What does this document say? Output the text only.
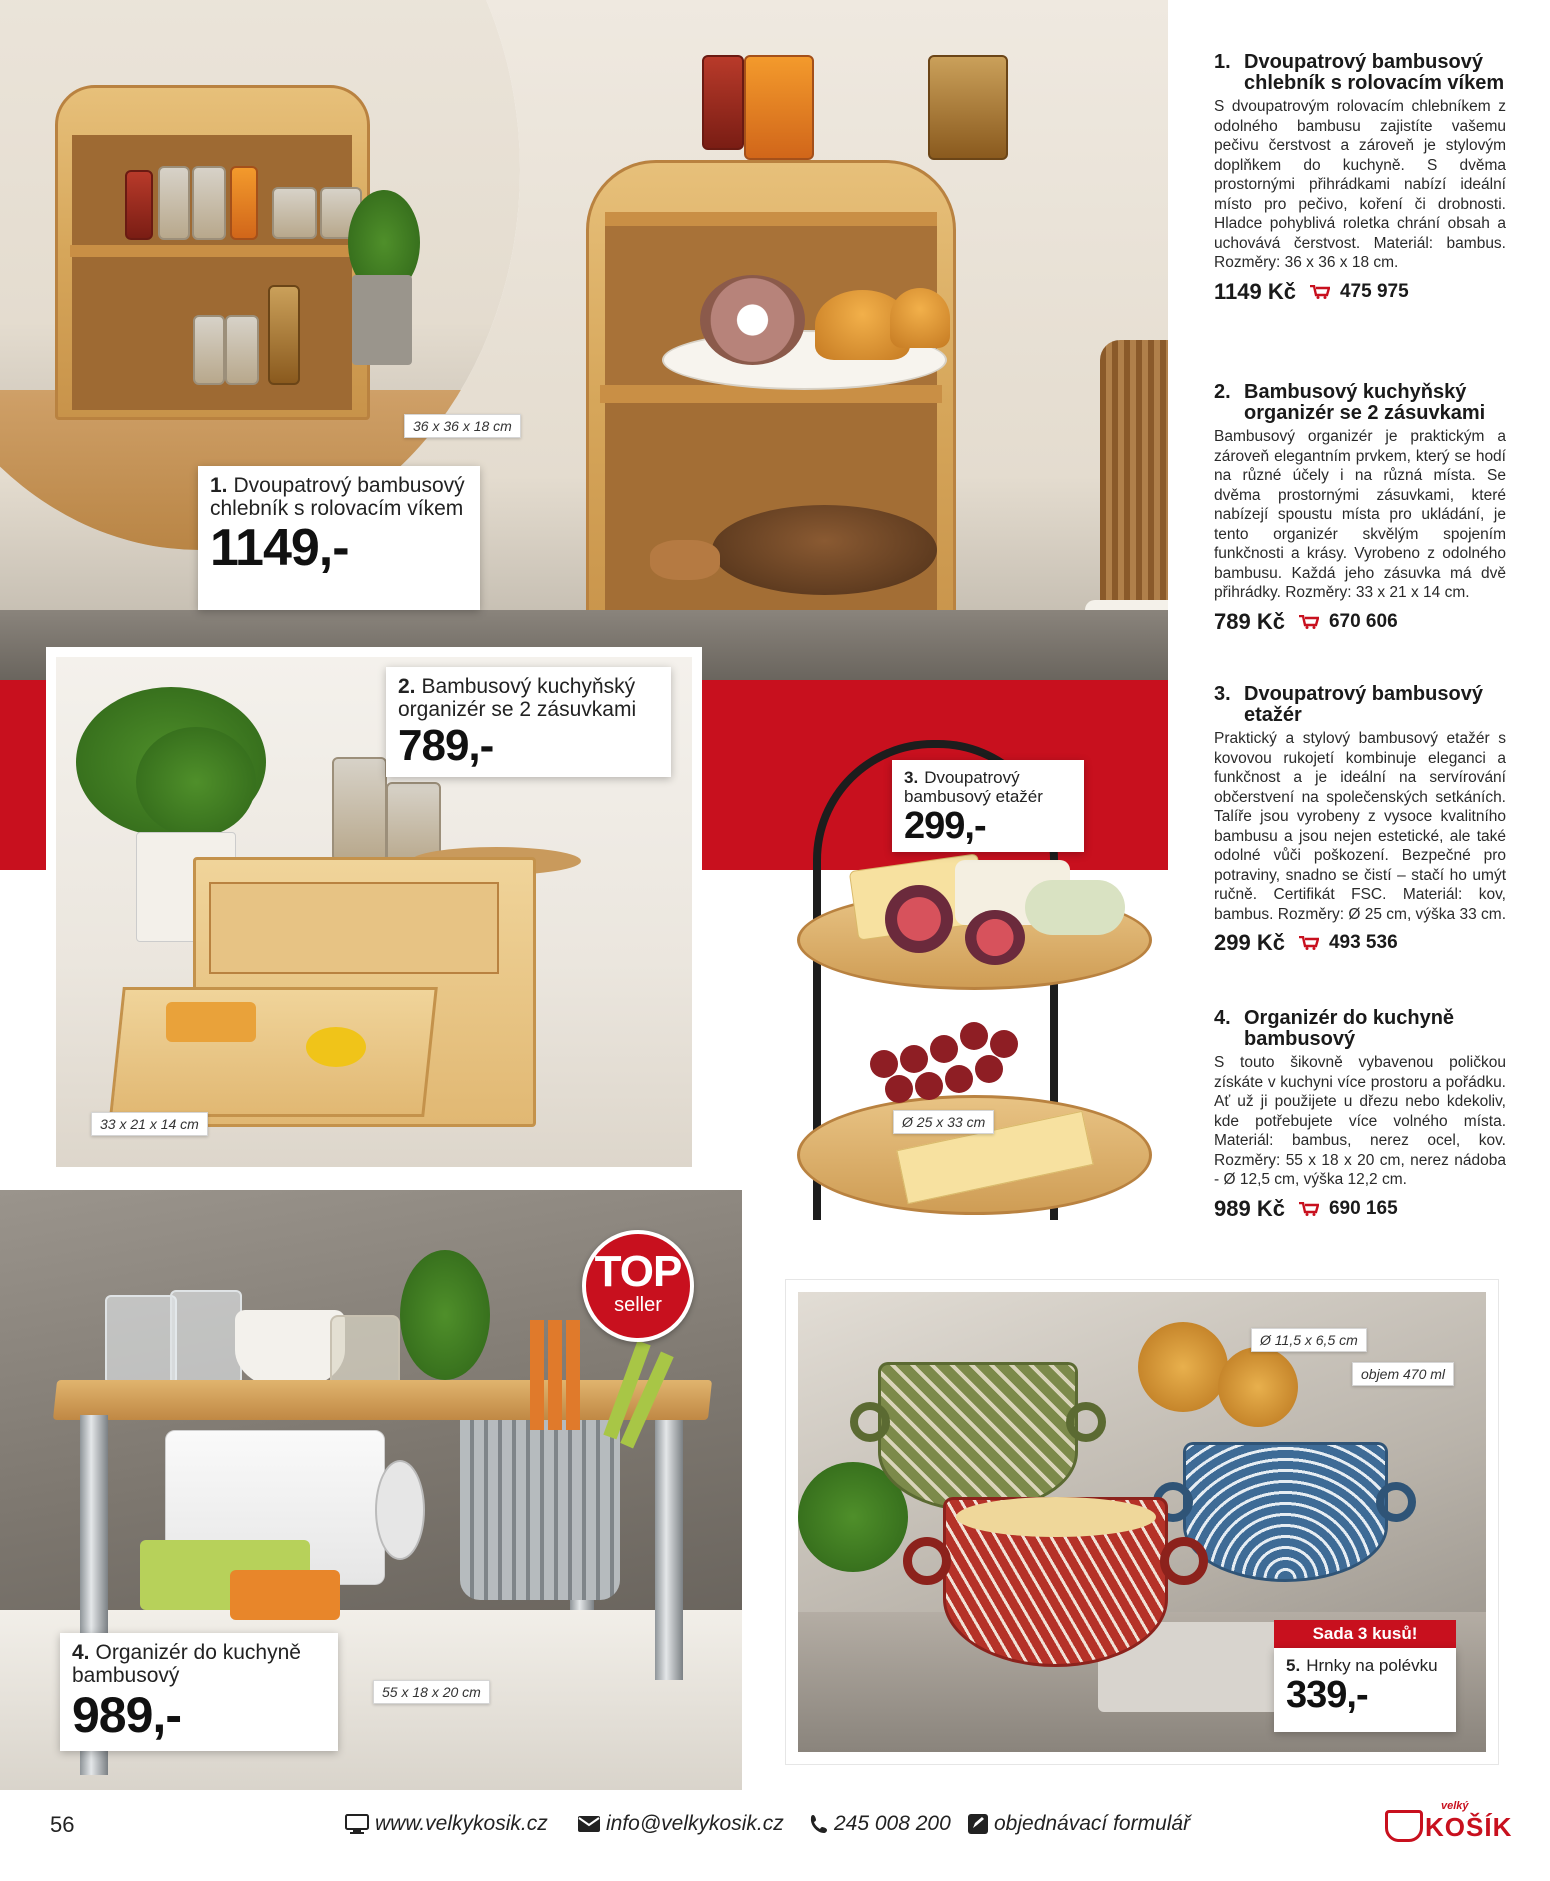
36 x 36 x 18 cm
1. Dvoupatrový bambusový chlebník s rolovacím víkem
1149,-
33 x 21 x 14 cm
2. Bambusový kuchyňský organizér se 2 zásuvkami
789,-
Ø 25 x 33 cm
3. Dvoupatrový bambusový etažér
299,-
TOP
seller
55 x 18 x 20 cm
4. Organizér do kuchyně bambusový
989,-
Ø 11,5 x 6,5 cm
objem 470 ml
Sada 3 kusů!
5. Hrnky na polévku
339,-
1. Dvoupatrový bambusový chlebník s rolovacím víkem
S dvoupatrovým rolovacím chlebníkem z odolného bambusu zajistíte vašemu pečivu čerstvost a zároveň je stylovým doplňkem do kuchyně. S dvěma prostornými přihrádkami nabízí ideální místo pro pečivo, koření či drobnosti. Hladce pohyblivá roletka chrání obsah a uchovává čerstvost. Materiál: bambus. Rozměry: 36 x 36 x 18 cm.
1149 Kč 475 975
2. Bambusový kuchyňský organizér se 2 zásuvkami
Bambusový organizér je praktickým a zároveň elegantním prvkem, který se hodí na různé účely i na různá místa. Se dvěma prostornými zásuvkami, které nabízejí spoustu místa pro ukládání, je tento organizér skvělým spojením funkčnosti a krásy. Vyrobeno z odolného bambusu. Každá jeho zásuvka má dvě přihrádky. Rozměry: 33 x 21 x 14 cm.
789 Kč 670 606
3. Dvoupatrový bambusový etažér
Praktický a stylový bambusový etažér s kovovou rukojetí kombinuje eleganci a funkčnost a je ideální na servírování občerstvení na společenských setkáních. Talíře jsou vyrobeny z vysoce kvalitního bambusu a jsou nejen estetické, ale také odolné vůči poškození. Bezpečné pro potraviny, snadno se čistí – stačí ho umýt ručně. Certifikát FSC. Materiál: kov, bambus. Rozměry: Ø 25 cm, výška 33 cm.
299 Kč 493 536
4. Organizér do kuchyně bambusový
S touto šikovně vybavenou poličkou získáte v kuchyni více prostoru a pořádku. Ať už ji použijete u dřezu nebo kdekoliv, kde potřebujete více volného místa. Materiál: bambus, nerez ocel, kov. Rozměry: 55 x 18 x 20 cm, nerez nádoba - Ø 12,5 cm, výška 12,2 cm.
989 Kč 690 165
56	www.velkykosik.cz	info@velkykosik.cz 245 008 200 objednávací formulář
velký
KOŠÍK
